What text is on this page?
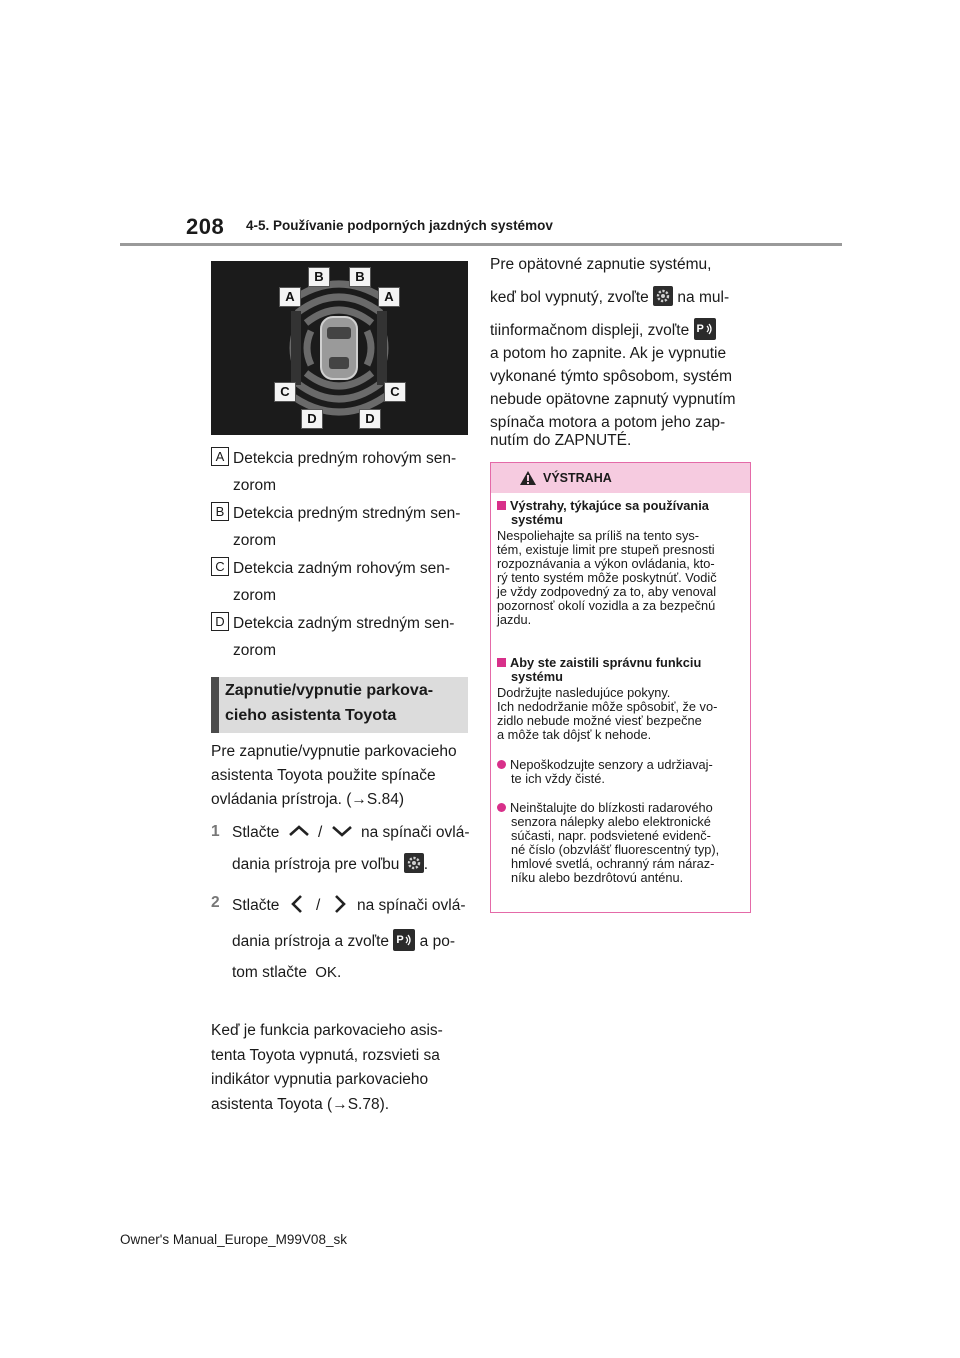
208 4-5. Používanie podporných jazdných systémov
B	B
A	A
C	C
D	D
A Detekcia predným rohovým sen-
zorom
B Detekcia predným stredným sen-
zorom
C Detekcia zadným rohovým sen-
zorom
D Detekcia zadným stredným sen-
zorom
Zapnutie/vypnutie parkova-
cieho asistenta Toyota
Pre zapnutie/vypnutie parkovacieho
asistenta Toyota použite spínače
ovládania prístroja. (→S.84)
1 Stlačte / na spínači ovlá-
dania prístroja pre voľbu .
2 Stlačte / na spínači ovlá-
dania prístroja a zvoľte P a po-
tom stlačte OK.
Keď je funkcia parkovacieho asis-
tenta Toyota vypnutá, rozsvieti sa
indikátor vypnutia parkovacieho
asistenta Toyota (→S.78).
Pre opätovné zapnutie systému,
keď bol vypnutý, zvoľte na mul-
tiinformačnom displeji, zvoľte P
a potom ho zapnite. Ak je vypnutie
vykonané týmto spôsobom, systém
nebude opätovne zapnutý vypnutím
spínača motora a potom jeho zap-
nutím do ZAPNUTÉ.
VÝSTRAHA
Výstrahy, týkajúce sa používania
systému
Nespoliehajte sa príliš na tento sys-
tém, existuje limit pre stupeň presnosti
rozpoznávania a výkon ovládania, kto-
rý tento systém môže poskytnúť. Vodič
je vždy zodpovedný za to, aby venoval
pozornosť okolí vozidla a za bezpečnú
jazdu.
Aby ste zaistili správnu funkciu
systému
Dodržujte nasledujúce pokyny.
Ich nedodržanie môže spôsobiť, že vo-
zidlo nebude možné viesť bezpečne
a môže tak dôjsť k nehode.
Nepoškodzujte senzory a udržiavaj-
te ich vždy čisté.
Neinštalujte do blízkosti radarového
senzora nálepky alebo elektronické
súčasti, napr. podsvietené evidenč-
né číslo (obzvlášť fluorescentný typ),
hmlové svetlá, ochranný rám náraz-
níku alebo bezdrôtovú anténu.
Owner's Manual_Europe_M99V08_sk
